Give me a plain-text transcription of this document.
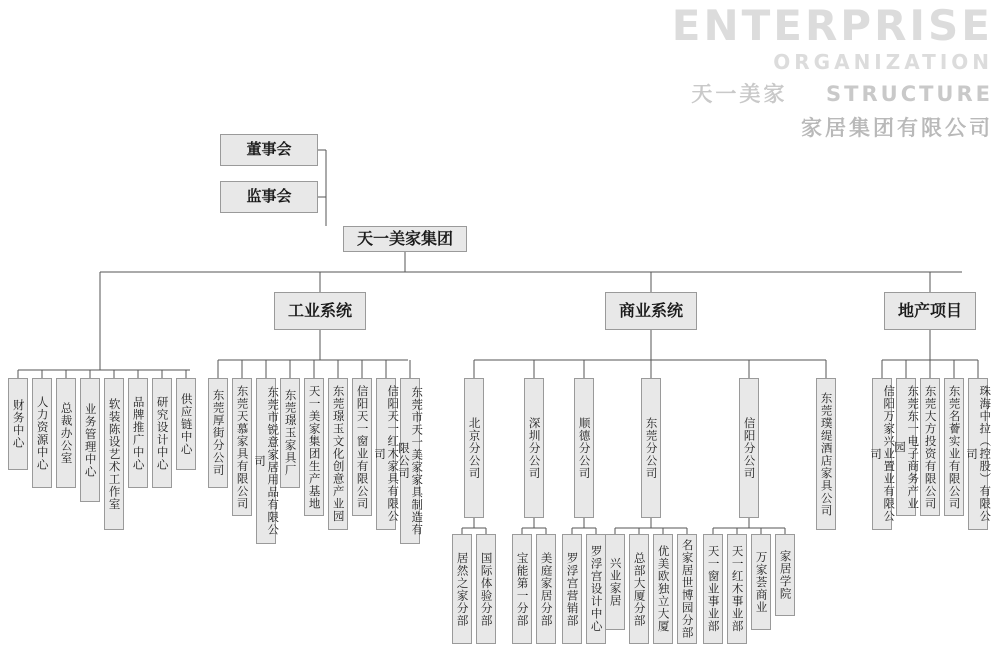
ENTERPRISE
ORGANIZATION
天一美家 STRUCTURE
家居集团有限公司
董事会
监事会
天一美家集团
工业系统	商业系统	地产项目
财务中心 人力资源中心 总裁办公室 业务管理中心 软装陈设艺术工作室 品牌推广中心 研究设计中心 供应链中心 东莞厚街分公司 东莞天慕家具有限公司	东莞市锐意家居用品有限公司	东莞璟玉家具厂 天一美家集团生产基地 东莞璟玉文化创意产业园 信阳天一窗业有限公司	信阳天一红木家具有限公司	东莞市天一美家家具制造有限公司	北京分公司	深圳分公司	顺德分公司	东莞分公司	信阳分公司	东莞璞缇酒店家具公司
居然之家分部 国际体验分部 宝能第一分部 美庭家居分部 罗浮宫营销部 罗浮宫设计中心 兴业家居 总部大厦分部 优美欧独立大厦 名家居世博园分部 天一窗业事业部 天一红木事业部 万家荟商业 家居学院
信阳万家兴业置业有限公司	东莞东一电子商务产业园	东莞大方投资有限公司 东莞名薈实业有限公司	珠海中拉（控股）有限公司
